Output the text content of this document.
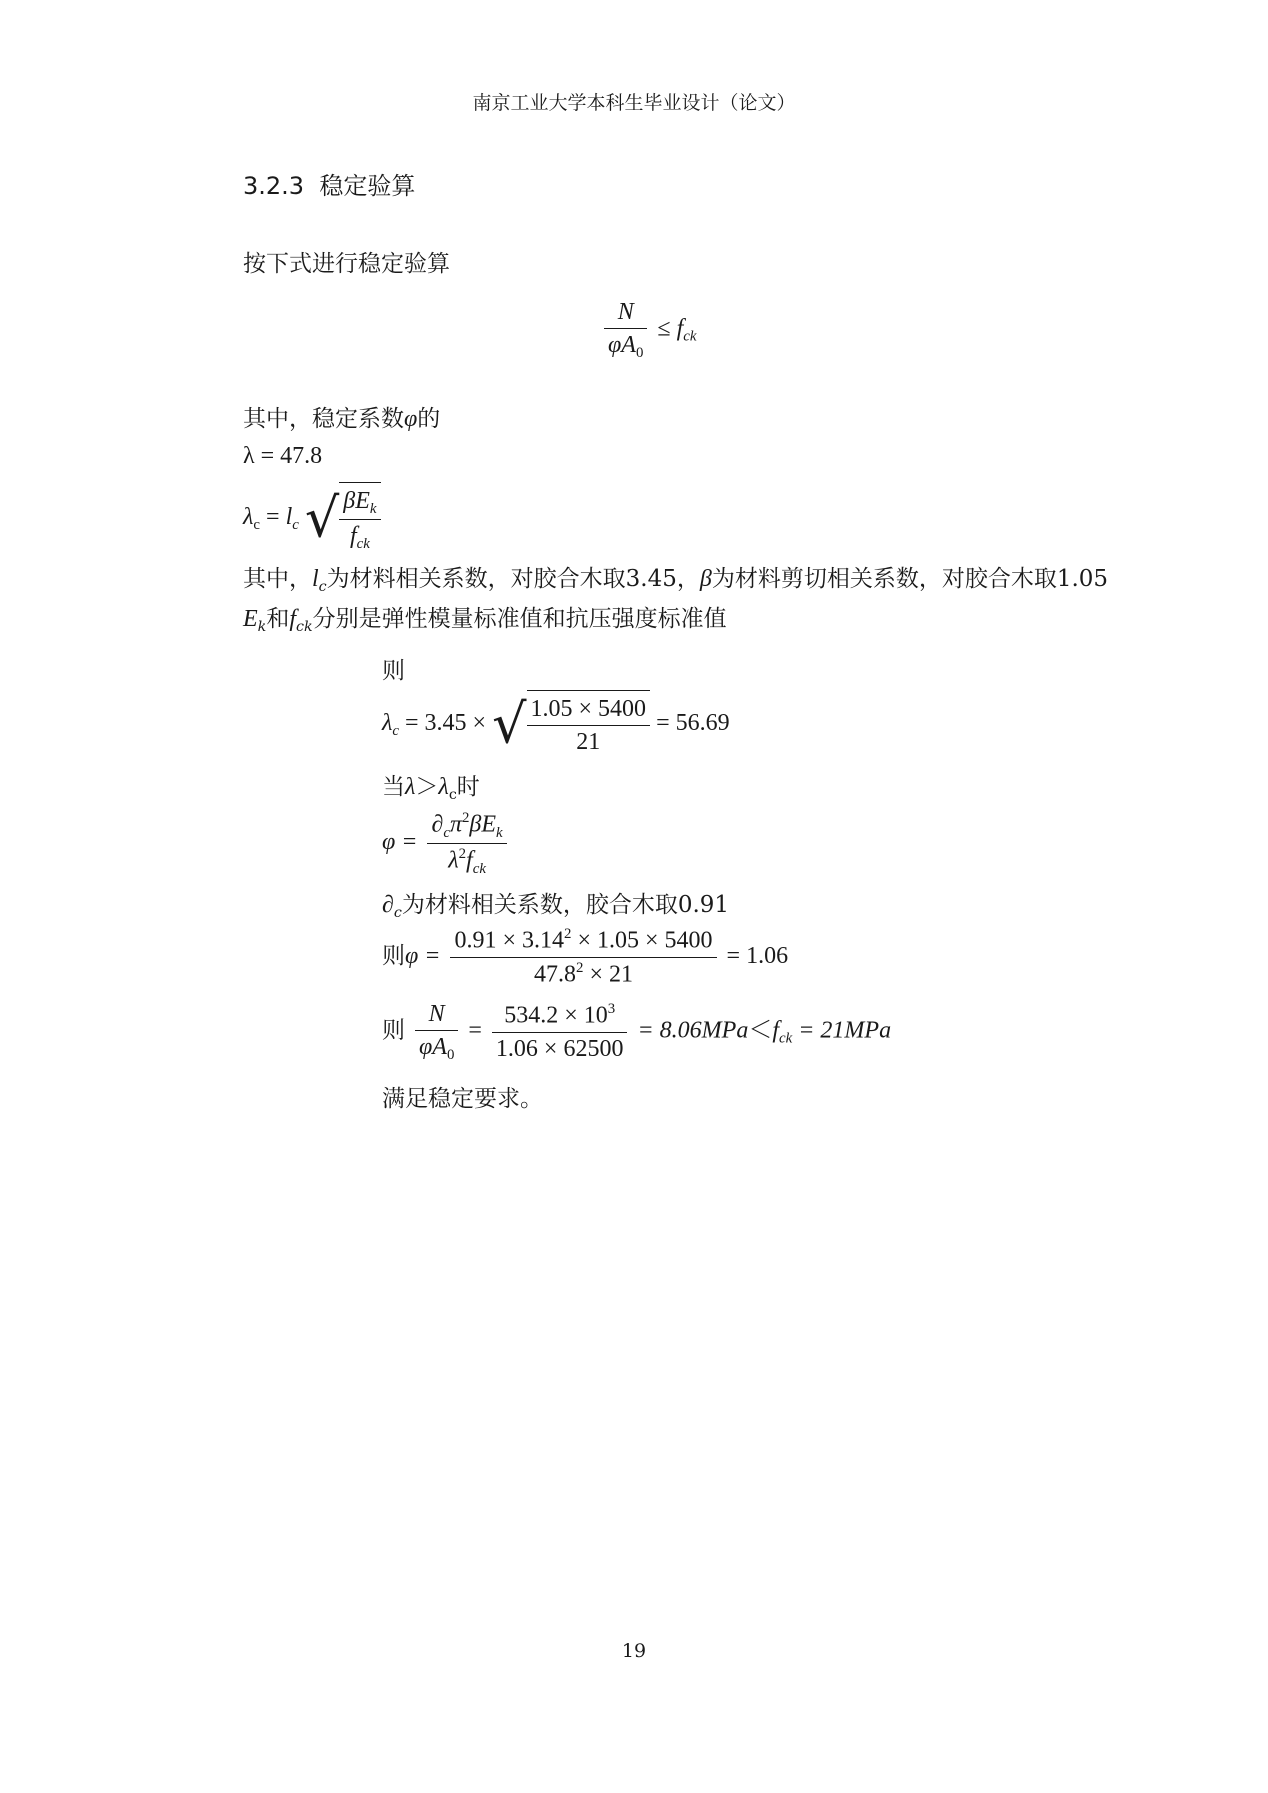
南京工业大学本科生毕业设计（论文）
3.2.3 稳定验算
按下式进行稳定验算
$\frac{N}{\varphi A_0} \le f_{ck}$
其中，稳定系数φ的
λ = 47.8
$\lambda_c = l_c$ √ $\frac{\beta E_k}{f_{ck}}$
其中，$l_c$为材料相关系数，对胶合木取3.45，β为材料剪切相关系数，对胶合木取1.05
$E_k$和$f_{ck}$分别是弹性模量标准值和抗压强度标准值
则
$\lambda_c = 3.45$ × √ $\frac{1.05 \times 5400}{21} = 56.69$
当$\lambda>\lambda_c$时
$\varphi = \frac{\partial_c\pi^2\beta E_k}{\lambda^2f_{ck}}$
$\partial_c$为材料相关系数，胶合木取0.91
则$\varphi = \frac{0.91 \times 3.14^2 \times 1.05 \times 5400}{47.8^2 \times 21} = 1.06$
则 $\frac{N}{\varphi A_0} = \frac{534.2 \times 10^3}{1.06 \times 62500} = 8.06MPa<f_{ck} = 21MPa$
满足稳定要求。
19
